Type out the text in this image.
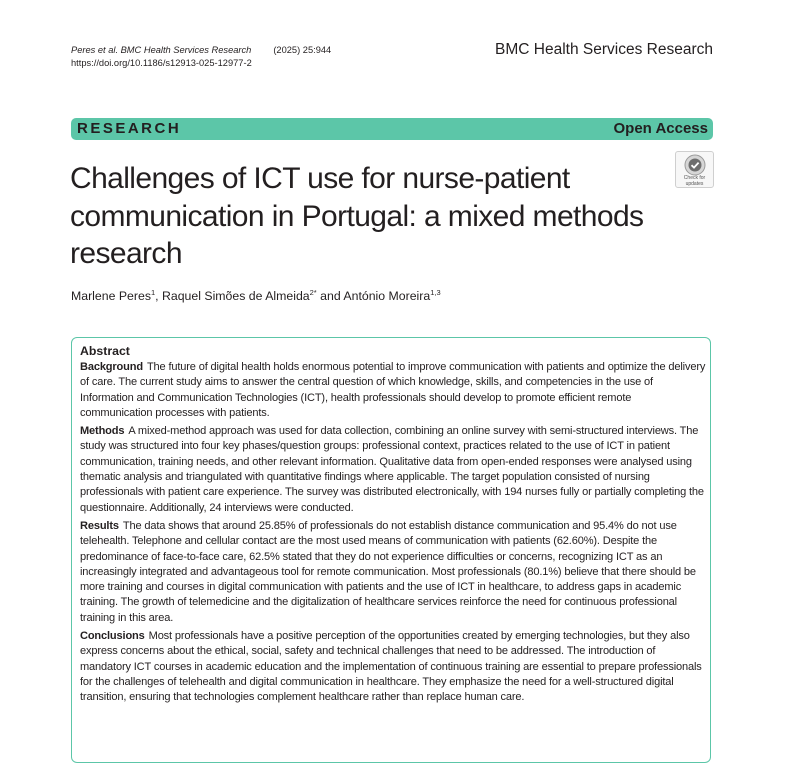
Peres et al. BMC Health Services Research (2025) 25:944
https://doi.org/10.1186/s12913-025-12977-2
BMC Health Services Research
RESEARCH	Open Access
Check for updates
Challenges of ICT use for nurse-patient communication in Portugal: a mixed methods research
Marlene Peres$^1$, Raquel Simões de Almeida$^{2*}$ and António Moreira$^{1,3}$
Abstract

Background The future of digital health holds enormous potential to improve communication with patients and optimize the delivery of care. The current study aims to answer the central question of which knowledge, skills, and competencies in the use of Information and Communication Technologies (ICT), health professionals should develop to promote efficient remote communication processes with patients.

Methods A mixed-method approach was used for data collection, combining an online survey with semi-structured interviews. The study was structured into four key phases/question groups: professional context, practices related to the use of ICT in patient communication, training needs, and other relevant information. Qualitative data from open-ended responses were analysed using thematic analysis and triangulated with quantitative findings where applicable. The target population consisted of nursing professionals with patient care experience. The survey was distributed electronically, with 194 nurses fully or partially completing the questionnaire. Additionally, 24 interviews were conducted.

Results The data shows that around 25.85% of professionals do not establish distance communication and 95.4% do not use telehealth. Telephone and cellular contact are the most used means of communication with patients (62.60%). Despite the predominance of face-to-face care, 62.5% stated that they do not experience difficulties or concerns, recognizing ICT as an increasingly integrated and advantageous tool for remote communication. Most professionals (80.1%) believe that there should be more training and courses in digital communication with patients and the use of ICT in healthcare, to address gaps in academic training. The growth of telemedicine and the digitalization of healthcare services reinforce the need for continuous professional training in this area.

Conclusions Most professionals have a positive perception of the opportunities created by emerging technologies, but they also express concerns about the ethical, social, safety and technical challenges that need to be addressed. The introduction of mandatory ICT courses in academic education and the implementation of continuous training are essential to prepare professionals for the challenges of telehealth and digital communication in healthcare. They emphasize the need for a well-structured digital transition, ensuring that technologies complement healthcare rather than replace human care.
